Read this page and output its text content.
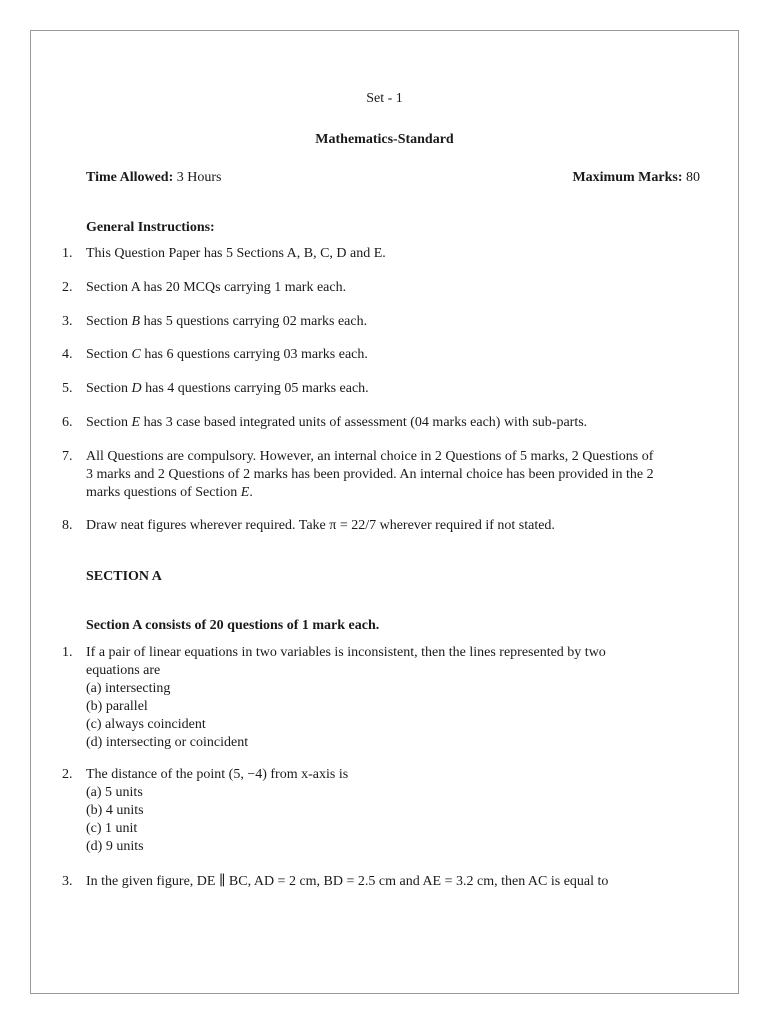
Set - 1
Mathematics-Standard
Time Allowed: 3 Hours	Maximum Marks: 80
General Instructions:
1. This Question Paper has 5 Sections A, B, C, D and E.
2. Section A has 20 MCQs carrying 1 mark each.
3. Section B has 5 questions carrying 02 marks each.
4. Section C has 6 questions carrying 03 marks each.
5. Section D has 4 questions carrying 05 marks each.
6. Section E has 3 case based integrated units of assessment (04 marks each) with sub-parts.
7. All Questions are compulsory. However, an internal choice in 2 Questions of 5 marks, 2 Questions of
3 marks and 2 Questions of 2 marks has been provided. An internal choice has been provided in the 2
marks questions of Section E.
8. Draw neat figures wherever required. Take π = 22/7 wherever required if not stated.
SECTION A
Section A consists of 20 questions of 1 mark each.
1. If a pair of linear equations in two variables is inconsistent, then the lines represented by two
equations are
(a) intersecting
(b) parallel
(c) always coincident
(d) intersecting or coincident
2. The distance of the point (5, −4) from x-axis is
(a) 5 units
(b) 4 units
(c) 1 unit
(d) 9 units
3. In the given figure, DE ∥ BC, AD = 2 cm, BD = 2.5 cm and AE = 3.2 cm, then AC is equal to
